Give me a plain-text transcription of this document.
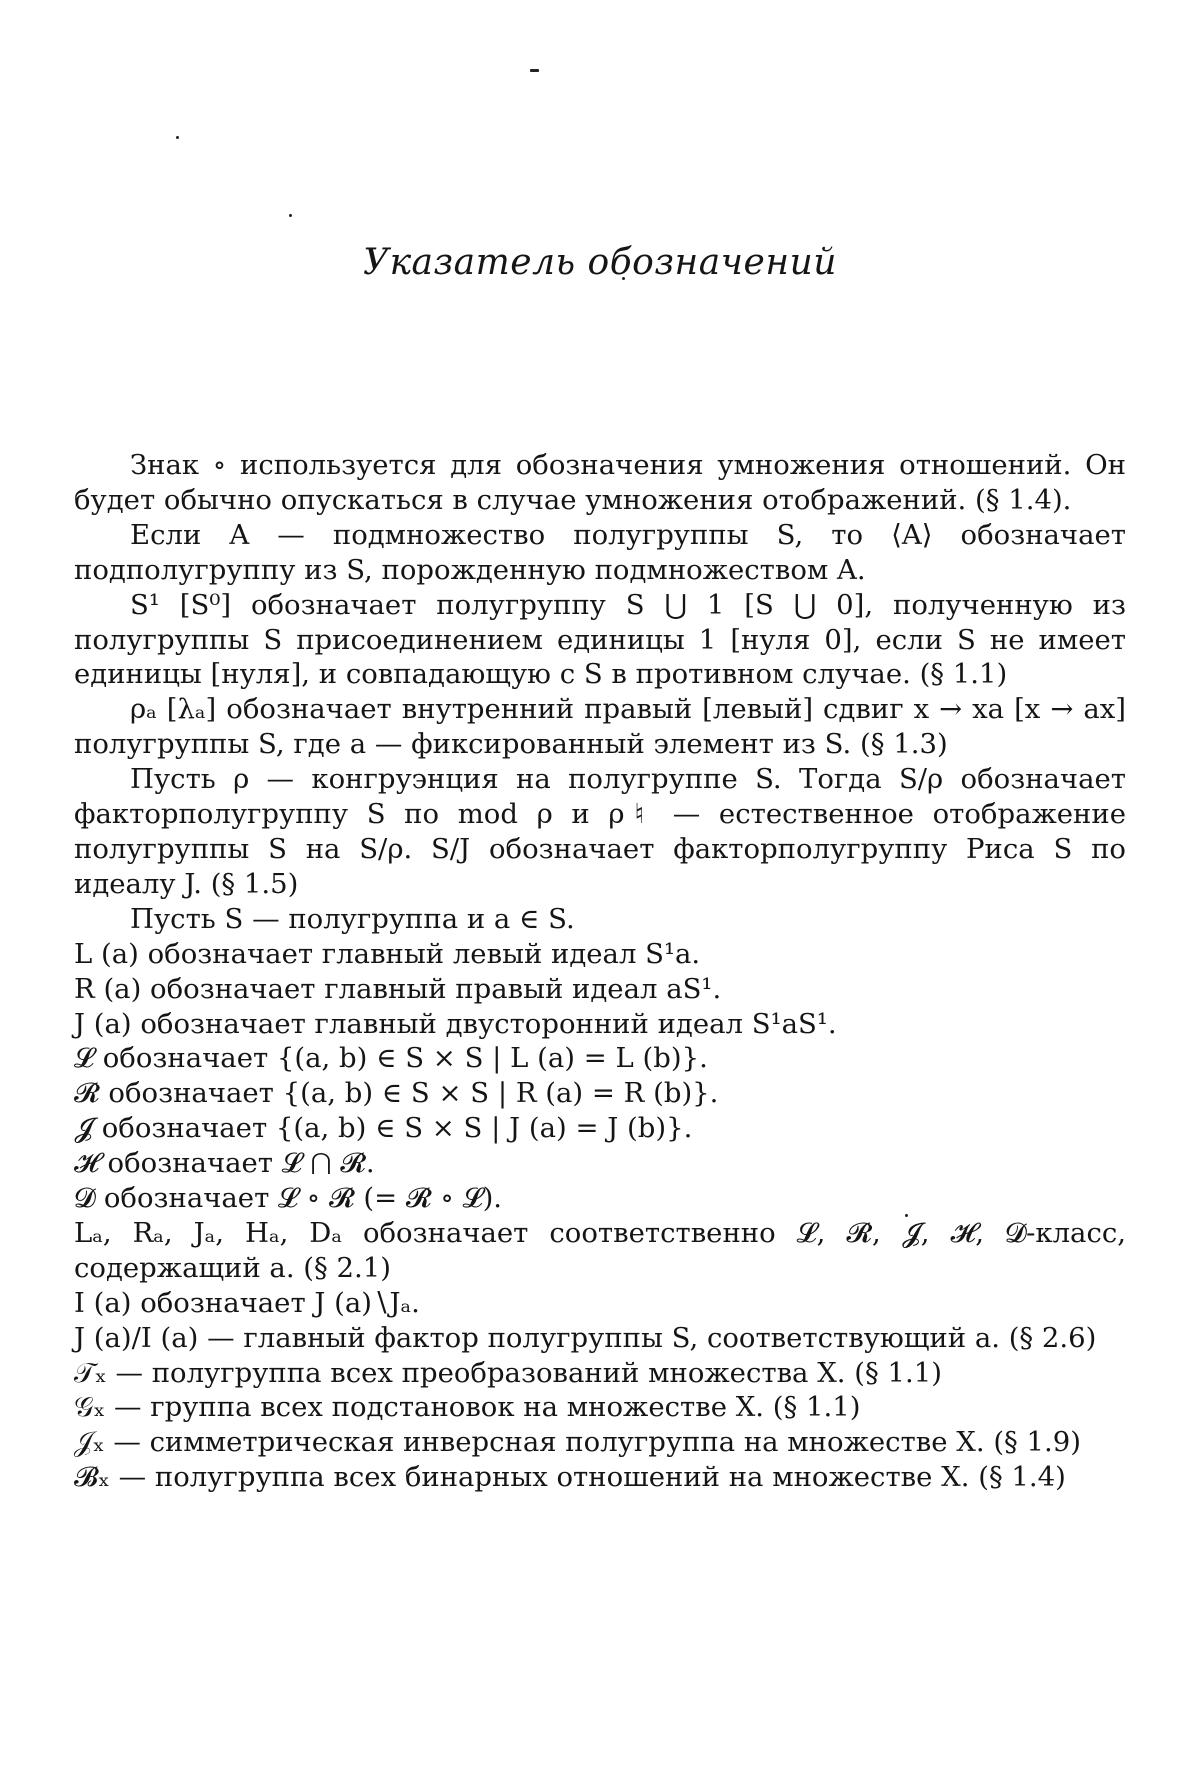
Указатель обозначений

Знак ∘ используется для обозначения умножения отношений. Он будет обычно опускаться в случае умножения отображений. (§ 1.4).

Если A — подмножество полугруппы S, то ⟨A⟩ обозначает подполугруппу из S, порожденную подмножеством A.

S¹ [S⁰] обозначает полугруппу S ⋃ 1 [S ⋃ 0], полученную из полугруппы S присоединением единицы 1 [нуля 0], если S не имеет единицы [нуля], и совпадающую с S в противном случае. (§ 1.1)

ρₐ [λₐ] обозначает внутренний правый [левый] сдвиг x → xa [x → ax] полугруппы S, где a — фиксированный элемент из S. (§ 1.3)

Пусть ρ — конгруэнция на полугруппе S. Тогда S/ρ обозначает факторполугруппу S по mod ρ и ρ♮ — естественное отображение полугруппы S на S/ρ. S/J обозначает факторполугруппу Риса S по идеалу J. (§ 1.5)

Пусть S — полугруппа и a ∈ S.

L (a) обозначает главный левый идеал S¹a.

R (a) обозначает главный правый идеал aS¹.

J (a) обозначает главный двусторонний идеал S¹aS¹.

𝓛 обозначает {(a, b) ∈ S × S | L (a) = L (b)}.

𝓡 обозначает {(a, b) ∈ S × S | R (a) = R (b)}.

𝓙 обозначает {(a, b) ∈ S × S | J (a) = J (b)}.

𝓗 обозначает 𝓛 ⋂ 𝓡.

𝓓 обозначает 𝓛 ∘ 𝓡 (= 𝓡 ∘ 𝓛).

Lₐ, Rₐ, Jₐ, Hₐ, Dₐ обозначает соответственно 𝓛, 𝓡, 𝓙, 𝓗, 𝓓-класс, содержащий a. (§ 2.1)

I (a) обозначает J (a)∖Jₐ.

J (a)/I (a) — главный фактор полугруппы S, соответствующий a. (§ 2.6)

𝒯ₓ — полугруппа всех преобразований множества X. (§ 1.1)

𝒢ₓ — группа всех подстановок на множестве X. (§ 1.1)

𝒥ₓ — симметрическая инверсная полугруппа на множестве X. (§ 1.9)

𝓑ₓ — полугруппа всех бинарных отношений на множестве X. (§ 1.4)
